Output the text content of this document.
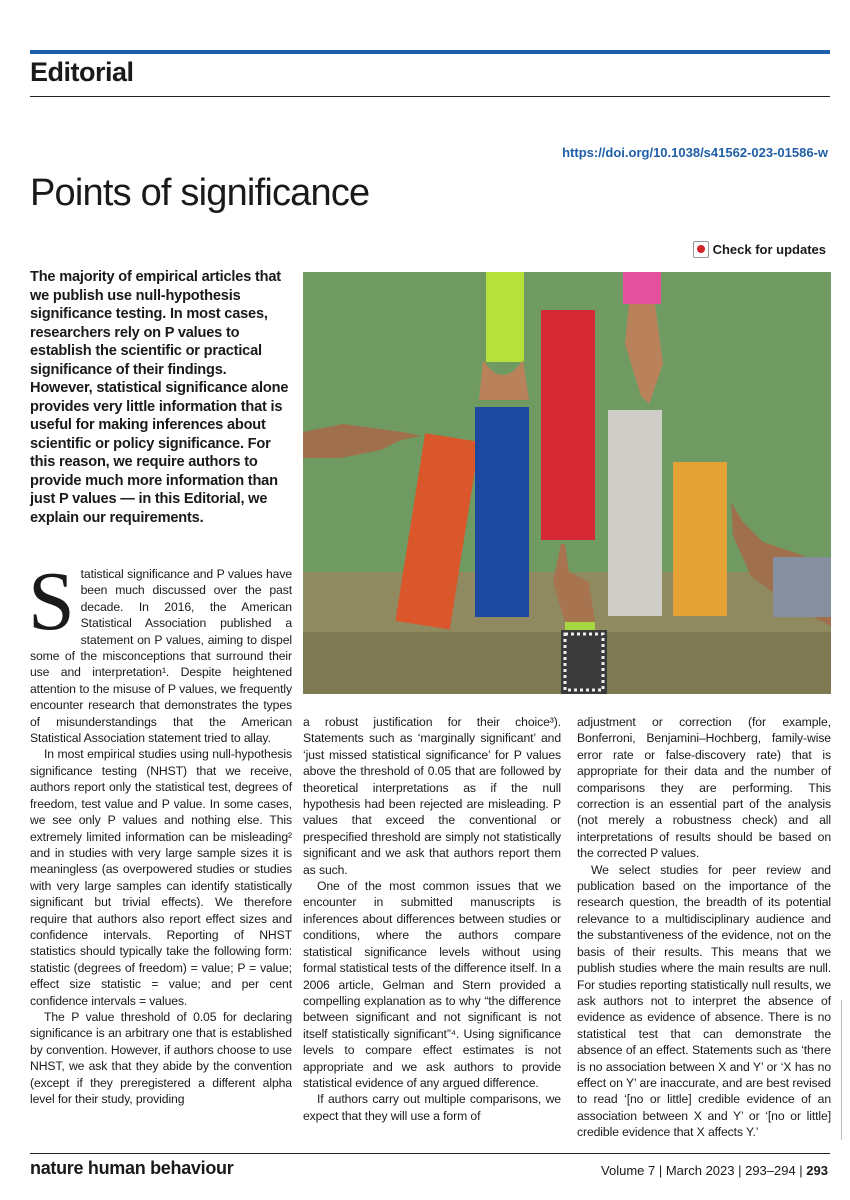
Editorial
https://doi.org/10.1038/s41562-023-01586-w
Points of significance
Check for updates

The majority of empirical articles that we publish use null-hypothesis significance testing. In most cases, researchers rely on P values to establish the scientific or practical significance of their findings. However, statistical significance alone provides very little information that is useful for making inferences about scientific or policy significance. For this reason, we require authors to provide much more information than just P values — in this Editorial, we explain our requirements.

Statistical significance and P values have been much discussed over the past decade. In 2016, the American Statistical Association published a statement on P values, aiming to dispel some of the misconceptions that surround their use and interpretation¹. Despite heightened attention to the misuse of P values, we frequently encounter research that demonstrates the types of misunderstandings that the American Statistical Association statement tried to allay.

In most empirical studies using null-hypothesis significance testing (NHST) that we receive, authors report only the statistical test, degrees of freedom, test value and P value. In some cases, we see only P values and nothing else. This extremely limited information can be misleading² and in studies with very large sample sizes it is meaningless (as overpowered studies or studies with very large samples can identify statistically significant but trivial effects). We therefore require that authors also report effect sizes and confidence intervals. Reporting of NHST statistics should typically take the following form: statistic (degrees of freedom) = value; P = value; effect size statistic = value; and per cent confidence intervals = values.

The P value threshold of 0.05 for declaring significance is an arbitrary one that is established by convention. However, if authors choose to use NHST, we ask that they abide by the convention (except if they preregistered a different alpha level for their study, providing

a robust justification for their choice³). Statements such as ‘marginally significant’ and ‘just missed statistical significance’ for P values above the threshold of 0.05 that are followed by theoretical interpretations as if the null hypothesis had been rejected are misleading. P values that exceed the conventional or prespecified threshold are simply not statistically significant and we ask that authors report them as such.

One of the most common issues that we encounter in submitted manuscripts is inferences about differences between studies or conditions, where the authors compare statistical significance levels without using formal statistical tests of the difference itself. In a 2006 article, Gelman and Stern provided a compelling explanation as to why “the difference between significant and not significant is not itself statistically significant”⁴. Using significance levels to compare effect estimates is not appropriate and we ask authors to provide statistical evidence of any argued difference.

If authors carry out multiple comparisons, we expect that they will use a form of

adjustment or correction (for example, Bonferroni, Benjamini–Hochberg, family-wise error rate or false-discovery rate) that is appropriate for their data and the number of comparisons they are performing. This correction is an essential part of the analysis (not merely a robustness check) and all interpretations of results should be based on the corrected P values.

We select studies for peer review and publication based on the importance of the research question, the breadth of its potential relevance to a multidisciplinary audience and the substantiveness of the evidence, not on the basis of their results. This means that we publish studies where the main results are null. For studies reporting statistically null results, we ask authors not to interpret the absence of evidence as evidence of absence. There is no statistical test that can demonstrate the absence of an effect. Statements such as ‘there is no association between X and Y’ or ‘X has no effect on Y’ are inaccurate, and are best revised to read ‘[no or little] credible evidence of an association between X and Y’ or ‘[no or little] credible evidence that X affects Y.’

nature human behaviour	Volume 7 | March 2023 | 293–294 | 293
